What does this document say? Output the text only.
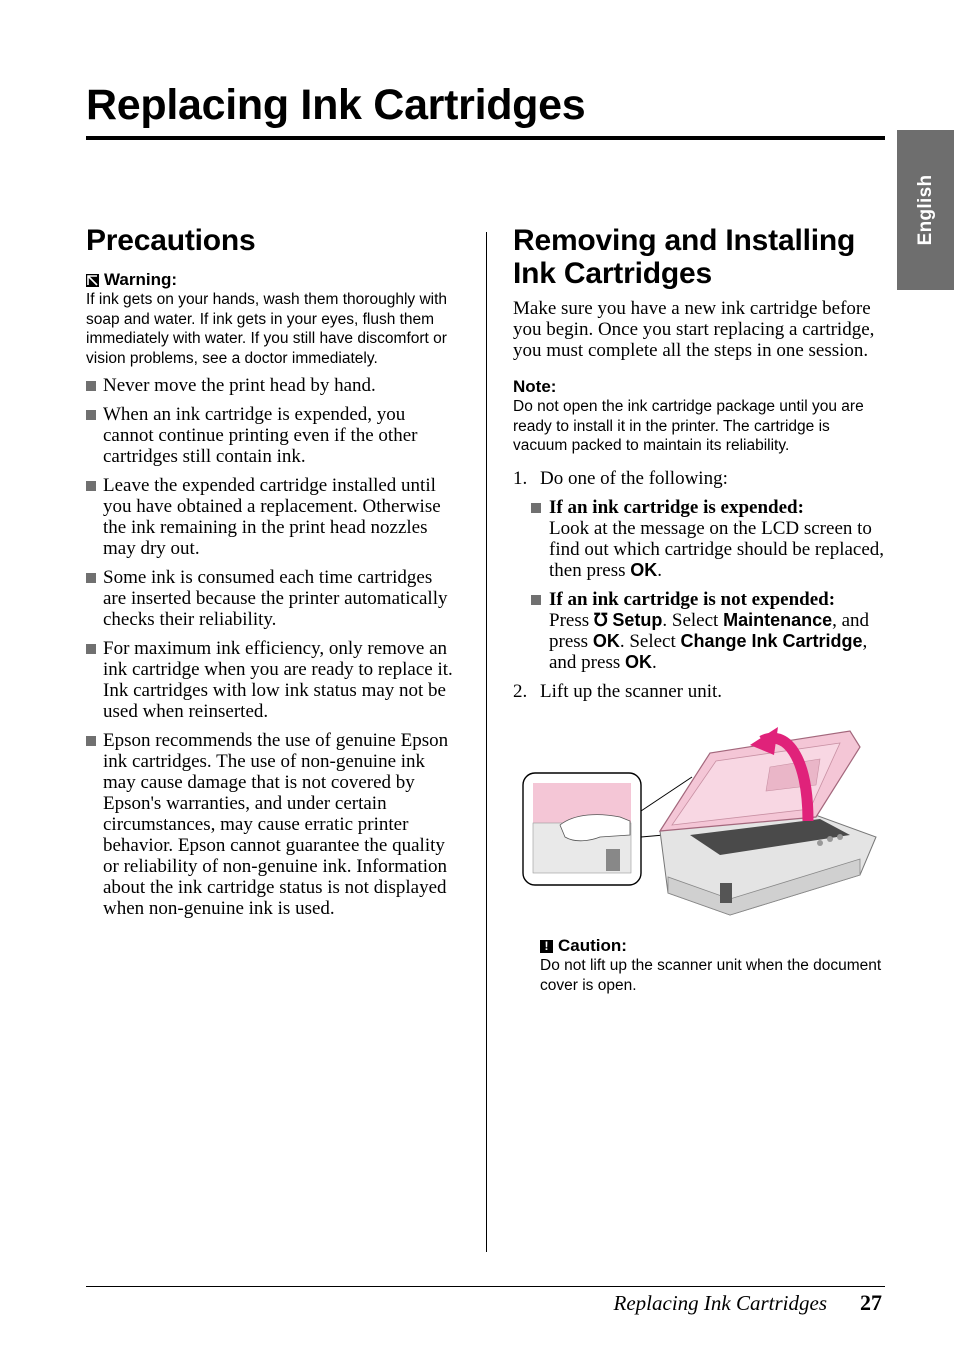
Replacing Ink Cartridges
English
Precautions
Warning:
If ink gets on your hands, wash them thoroughly with soap and water. If ink gets in your eyes, flush them immediately with water. If you still have discomfort or vision problems, see a doctor immediately.
Never move the print head by hand.
When an ink cartridge is expended, you cannot continue printing even if the other cartridges still contain ink.
Leave the expended cartridge installed until you have obtained a replacement. Otherwise the ink remaining in the print head nozzles may dry out.
Some ink is consumed each time cartridges are inserted because the printer automatically checks their reliability.
For maximum ink efficiency, only remove an ink cartridge when you are ready to replace it. Ink cartridges with low ink status may not be used when reinserted.
Epson recommends the use of genuine Epson ink cartridges. The use of non-genuine ink may cause damage that is not covered by Epson's warranties, and under certain circumstances, may cause erratic printer behavior. Epson cannot guarantee the quality or reliability of non-genuine ink. Information about the ink cartridge status is not displayed when non-genuine ink is used.
Removing and Installing Ink Cartridges

Make sure you have a new ink cartridge before you begin. Once you start replacing a cartridge, you must complete all the steps in one session.

Note:
Do not open the ink cartridge package until you are ready to install it in the printer. The cartridge is vacuum packed to maintain its reliability.
1. Do one of the following:
If an ink cartridge is expended:
Look at the message on the LCD screen to find out which cartridge should be replaced, then press OK.
If an ink cartridge is not expended:
Press ℧ Setup. Select Maintenance, and press OK. Select Change Ink Cartridge, and press OK.
2. Lift up the scanner unit.
! Caution:
Do not lift up the scanner unit when the document cover is open.
Replacing Ink Cartridges 27
